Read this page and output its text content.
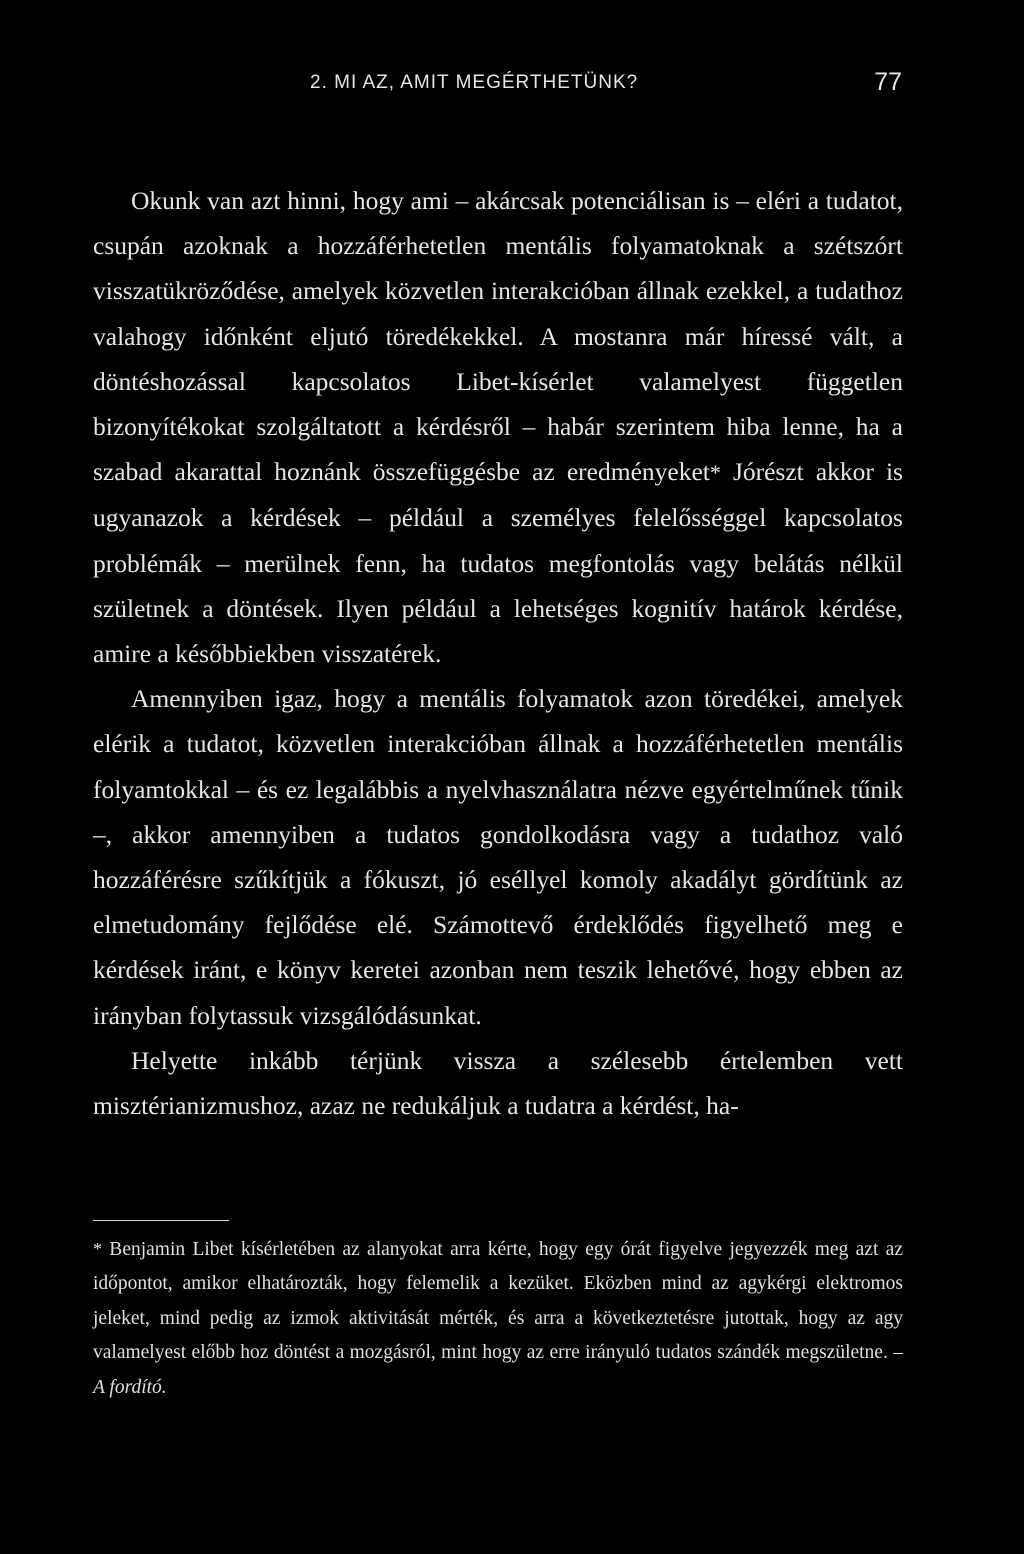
2. MI AZ, AMIT MEGÉRTHETÜNK?	77

Okunk van azt hinni, hogy ami – akárcsak potenciálisan is – eléri a tudatot, csupán azoknak a hozzáférhetetlen mentális folyamatoknak a szétszórt visszatükröződése, amelyek közvetlen interakcióban állnak ezekkel, a tudathoz valahogy időnként eljutó töredékekkel. A mostanra már híressé vált, a döntéshozással kapcsolatos Libet-kísérlet valamelyest független bizonyítékokat szolgáltatott a kérdésről – habár szerintem hiba lenne, ha a szabad akarattal hoznánk összefüggésbe az eredményeket* Jórészt akkor is ugyanazok a kérdések – például a személyes felelősséggel kapcsolatos problémák – merülnek fenn, ha tudatos megfontolás vagy belátás nélkül születnek a döntések. Ilyen például a lehetséges kognitív határok kérdése, amire a későbbiekben visszatérek.

Amennyiben igaz, hogy a mentális folyamatok azon töredékei, amelyek elérik a tudatot, közvetlen interakcióban állnak a hozzáférhetetlen mentális folyamtokkal – és ez legalábbis a nyelvhasználatra nézve egyértelműnek tűnik –, akkor amennyiben a tudatos gondolkodásra vagy a tudathoz való hozzáférésre szűkítjük a fókuszt, jó eséllyel komoly akadályt gördítünk az elmetudomány fejlődése elé. Számottevő érdeklődés figyelhető meg e kérdések iránt, e könyv keretei azonban nem teszik lehetővé, hogy ebben az irányban folytassuk vizsgálódásunkat.

Helyette inkább térjünk vissza a szélesebb értelemben vett misztérianizmushoz, azaz ne redukáljuk a tudatra a kérdést, ha-

* Benjamin Libet kísérletében az alanyokat arra kérte, hogy egy órát figyelve jegyezzék meg azt az időpontot, amikor elhatározták, hogy felemelik a kezüket. Eközben mind az agykérgi elektromos jeleket, mind pedig az izmok aktivitását mérték, és arra a következtetésre jutottak, hogy az agy valamelyest előbb hoz döntést a mozgásról, mint hogy az erre irányuló tudatos szándék megszületne. – A fordító.
